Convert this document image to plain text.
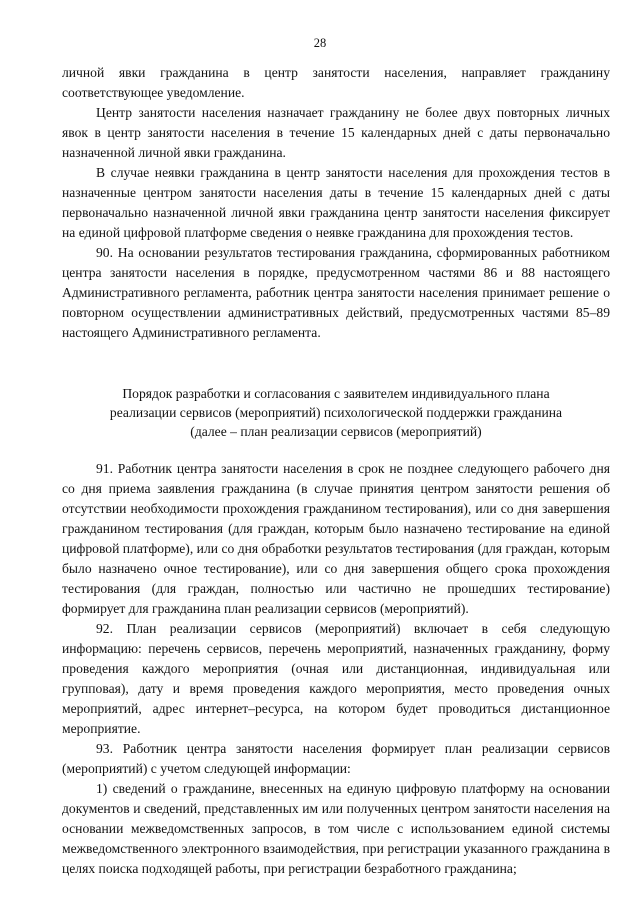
28

личной явки гражданина в центр занятости населения, направляет гражданину соответствующее уведомление.

Центр занятости населения назначает гражданину не более двух повторных личных явок в центр занятости населения в течение 15 календарных дней с даты первоначально назначенной личной явки гражданина.

В случае неявки гражданина в центр занятости населения для прохождения тестов в назначенные центром занятости населения даты в течение 15 календарных дней с даты первоначально назначенной личной явки гражданина центр занятости населения фиксирует на единой цифровой платформе сведения о неявке гражданина для прохождения тестов.

90. На основании результатов тестирования гражданина, сформированных работником центра занятости населения в порядке, предусмотренном частями 86 и 88 настоящего Административного регламента, работник центра занятости населения принимает решение о повторном осуществлении административных действий, предусмотренных частями 85–89 настоящего Административного регламента.

Порядок разработки и согласования с заявителем индивидуального плана
реализации сервисов (мероприятий) психологической поддержки гражданина
(далее – план реализации сервисов (мероприятий)

91. Работник центра занятости населения в срок не позднее следующего рабочего дня со дня приема заявления гражданина (в случае принятия центром занятости решения об отсутствии необходимости прохождения гражданином тестирования), или со дня завершения гражданином тестирования (для граждан, которым было назначено тестирование на единой цифровой платформе), или со дня обработки результатов тестирования (для граждан, которым было назначено очное тестирование), или со дня завершения общего срока прохождения тестирования (для граждан, полностью или частично не прошедших тестирование) формирует для гражданина план реализации сервисов (мероприятий).

92. План реализации сервисов (мероприятий) включает в себя следующую информацию: перечень сервисов, перечень мероприятий, назначенных гражданину, форму проведения каждого мероприятия (очная или дистанционная, индивидуальная или групповая), дату и время проведения каждого мероприятия, место проведения очных мероприятий, адрес интернет–ресурса, на котором будет проводиться дистанционное мероприятие.

93. Работник центра занятости населения формирует план реализации сервисов (мероприятий) с учетом следующей информации:

1) сведений о гражданине, внесенных на единую цифровую платформу на основании документов и сведений, представленных им или полученных центром занятости населения на основании межведомственных запросов, в том числе с использованием единой системы межведомственного электронного взаимодействия, при регистрации указанного гражданина в целях поиска подходящей работы, при регистрации безработного гражданина;
